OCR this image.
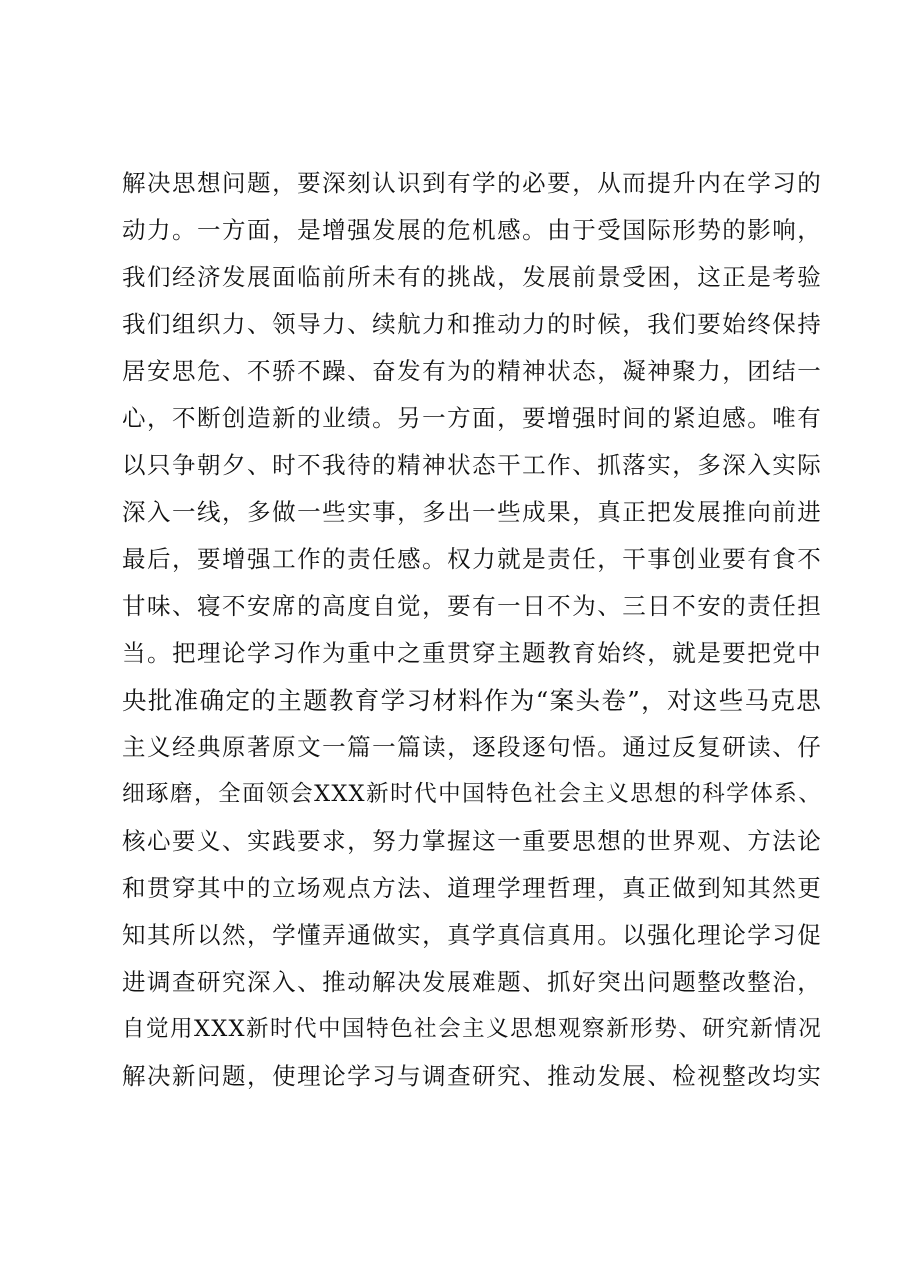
解决思想问题，要深刻认识到有学的必要，从而提升内在学习的
动力。一方面，是增强发展的危机感。由于受国际形势的影响，
我们经济发展面临前所未有的挑战，发展前景受困，这正是考验
我们组织力、领导力、续航力和推动力的时候，我们要始终保持
居安思危、不骄不躁、奋发有为的精神状态，凝神聚力，团结一
心，不断创造新的业绩。另一方面，要增强时间的紧迫感。唯有
以只争朝夕、时不我待的精神状态干工作、抓落实，多深入实际
深入一线，多做一些实事，多出一些成果，真正把发展推向前进
最后，要增强工作的责任感。权力就是责任，干事创业要有食不
甘味、寝不安席的高度自觉，要有一日不为、三日不安的责任担
当。把理论学习作为重中之重贯穿主题教育始终，就是要把党中
央批准确定的主题教育学习材料作为“案头卷”，对这些马克思
主义经典原著原文一篇一篇读，逐段逐句悟。通过反复研读、仔
细琢磨，全面领会XXX新时代中国特色社会主义思想的科学体系、
核心要义、实践要求，努力掌握这一重要思想的世界观、方法论
和贯穿其中的立场观点方法、道理学理哲理，真正做到知其然更
知其所以然，学懂弄通做实，真学真信真用。以强化理论学习促
进调查研究深入、推动解决发展难题、抓好突出问题整改整治，
自觉用XXX新时代中国特色社会主义思想观察新形势、研究新情况
解决新问题，使理论学习与调查研究、推动发展、检视整改均实
